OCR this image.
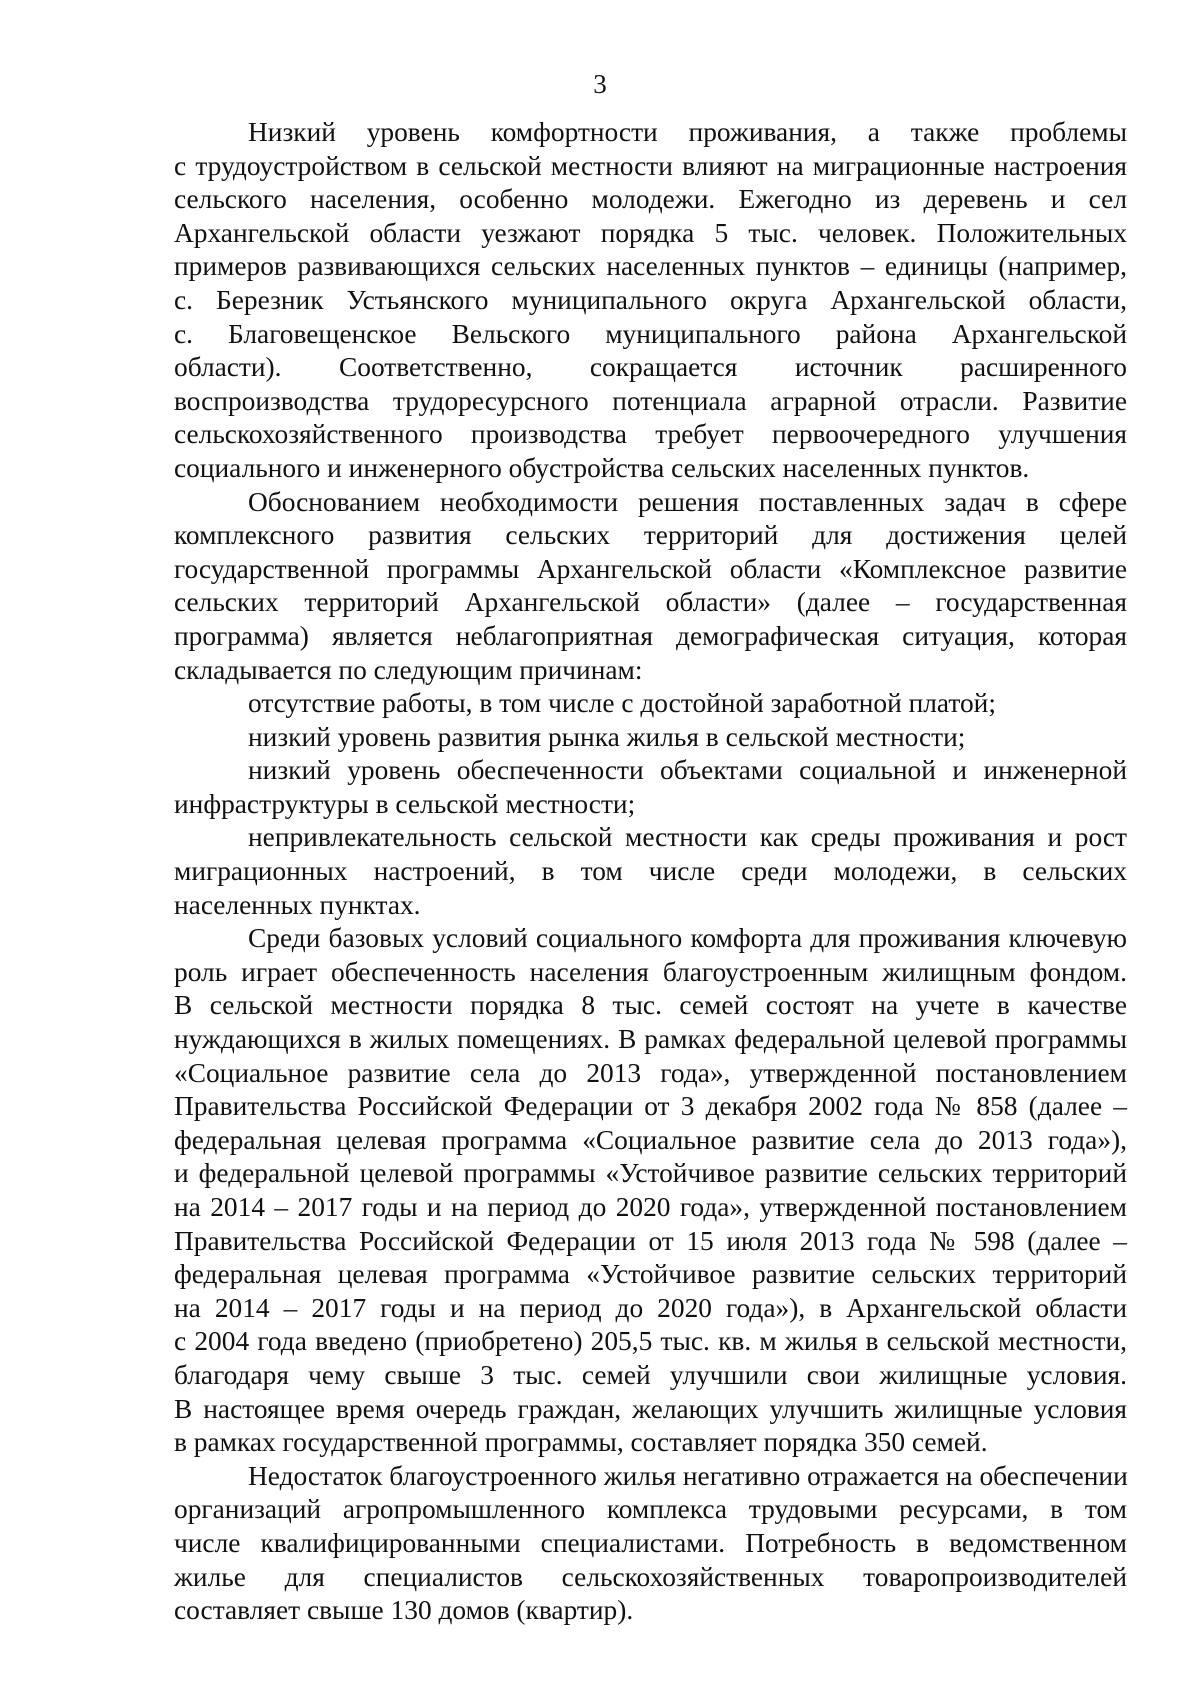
3
Низкий уровень комфортности проживания, а также проблемы
с трудоустройством в сельской местности влияют на миграционные настроения
сельского населения, особенно молодежи. Ежегодно из деревень и сел
Архангельской области уезжают порядка 5 тыс. человек. Положительных
примеров развивающихся сельских населенных пунктов – единицы (например,
с. Березник Устьянского муниципального округа Архангельской области,
с. Благовещенское Вельского муниципального района Архангельской
области). Соответственно, сокращается источник расширенного
воспроизводства трудоресурсного потенциала аграрной отрасли. Развитие
сельскохозяйственного производства требует первоочередного улучшения
социального и инженерного обустройства сельских населенных пунктов.
Обоснованием необходимости решения поставленных задач в сфере
комплексного развития сельских территорий для достижения целей
государственной программы Архангельской области «Комплексное развитие
сельских территорий Архангельской области» (далее – государственная
программа) является неблагоприятная демографическая ситуация, которая
складывается по следующим причинам:
отсутствие работы, в том числе с достойной заработной платой;
низкий уровень развития рынка жилья в сельской местности;
низкий уровень обеспеченности объектами социальной и инженерной
инфраструктуры в сельской местности;
непривлекательность сельской местности как среды проживания и рост
миграционных настроений, в том числе среди молодежи, в сельских
населенных пунктах.
Среди базовых условий социального комфорта для проживания ключевую
роль играет обеспеченность населения благоустроенным жилищным фондом.
В сельской местности порядка 8 тыс. семей состоят на учете в качестве
нуждающихся в жилых помещениях. В рамках федеральной целевой программы
«Социальное развитие села до 2013 года», утвержденной постановлением
Правительства Российской Федерации от 3 декабря 2002 года № 858 (далее –
федеральная целевая программа «Социальное развитие села до 2013 года»),
и федеральной целевой программы «Устойчивое развитие сельских территорий
на 2014 – 2017 годы и на период до 2020 года», утвержденной постановлением
Правительства Российской Федерации от 15 июля 2013 года № 598 (далее –
федеральная целевая программа «Устойчивое развитие сельских территорий
на 2014 – 2017 годы и на период до 2020 года»), в Архангельской области
с 2004 года введено (приобретено) 205,5 тыс. кв. м жилья в сельской местности,
благодаря чему свыше 3 тыс. семей улучшили свои жилищные условия.
В настоящее время очередь граждан, желающих улучшить жилищные условия
в рамках государственной программы, составляет порядка 350 семей.
Недостаток благоустроенного жилья негативно отражается на обеспечении
организаций агропромышленного комплекса трудовыми ресурсами, в том
числе квалифицированными специалистами. Потребность в ведомственном
жилье для специалистов сельскохозяйственных товаропроизводителей
составляет свыше 130 домов (квартир).
